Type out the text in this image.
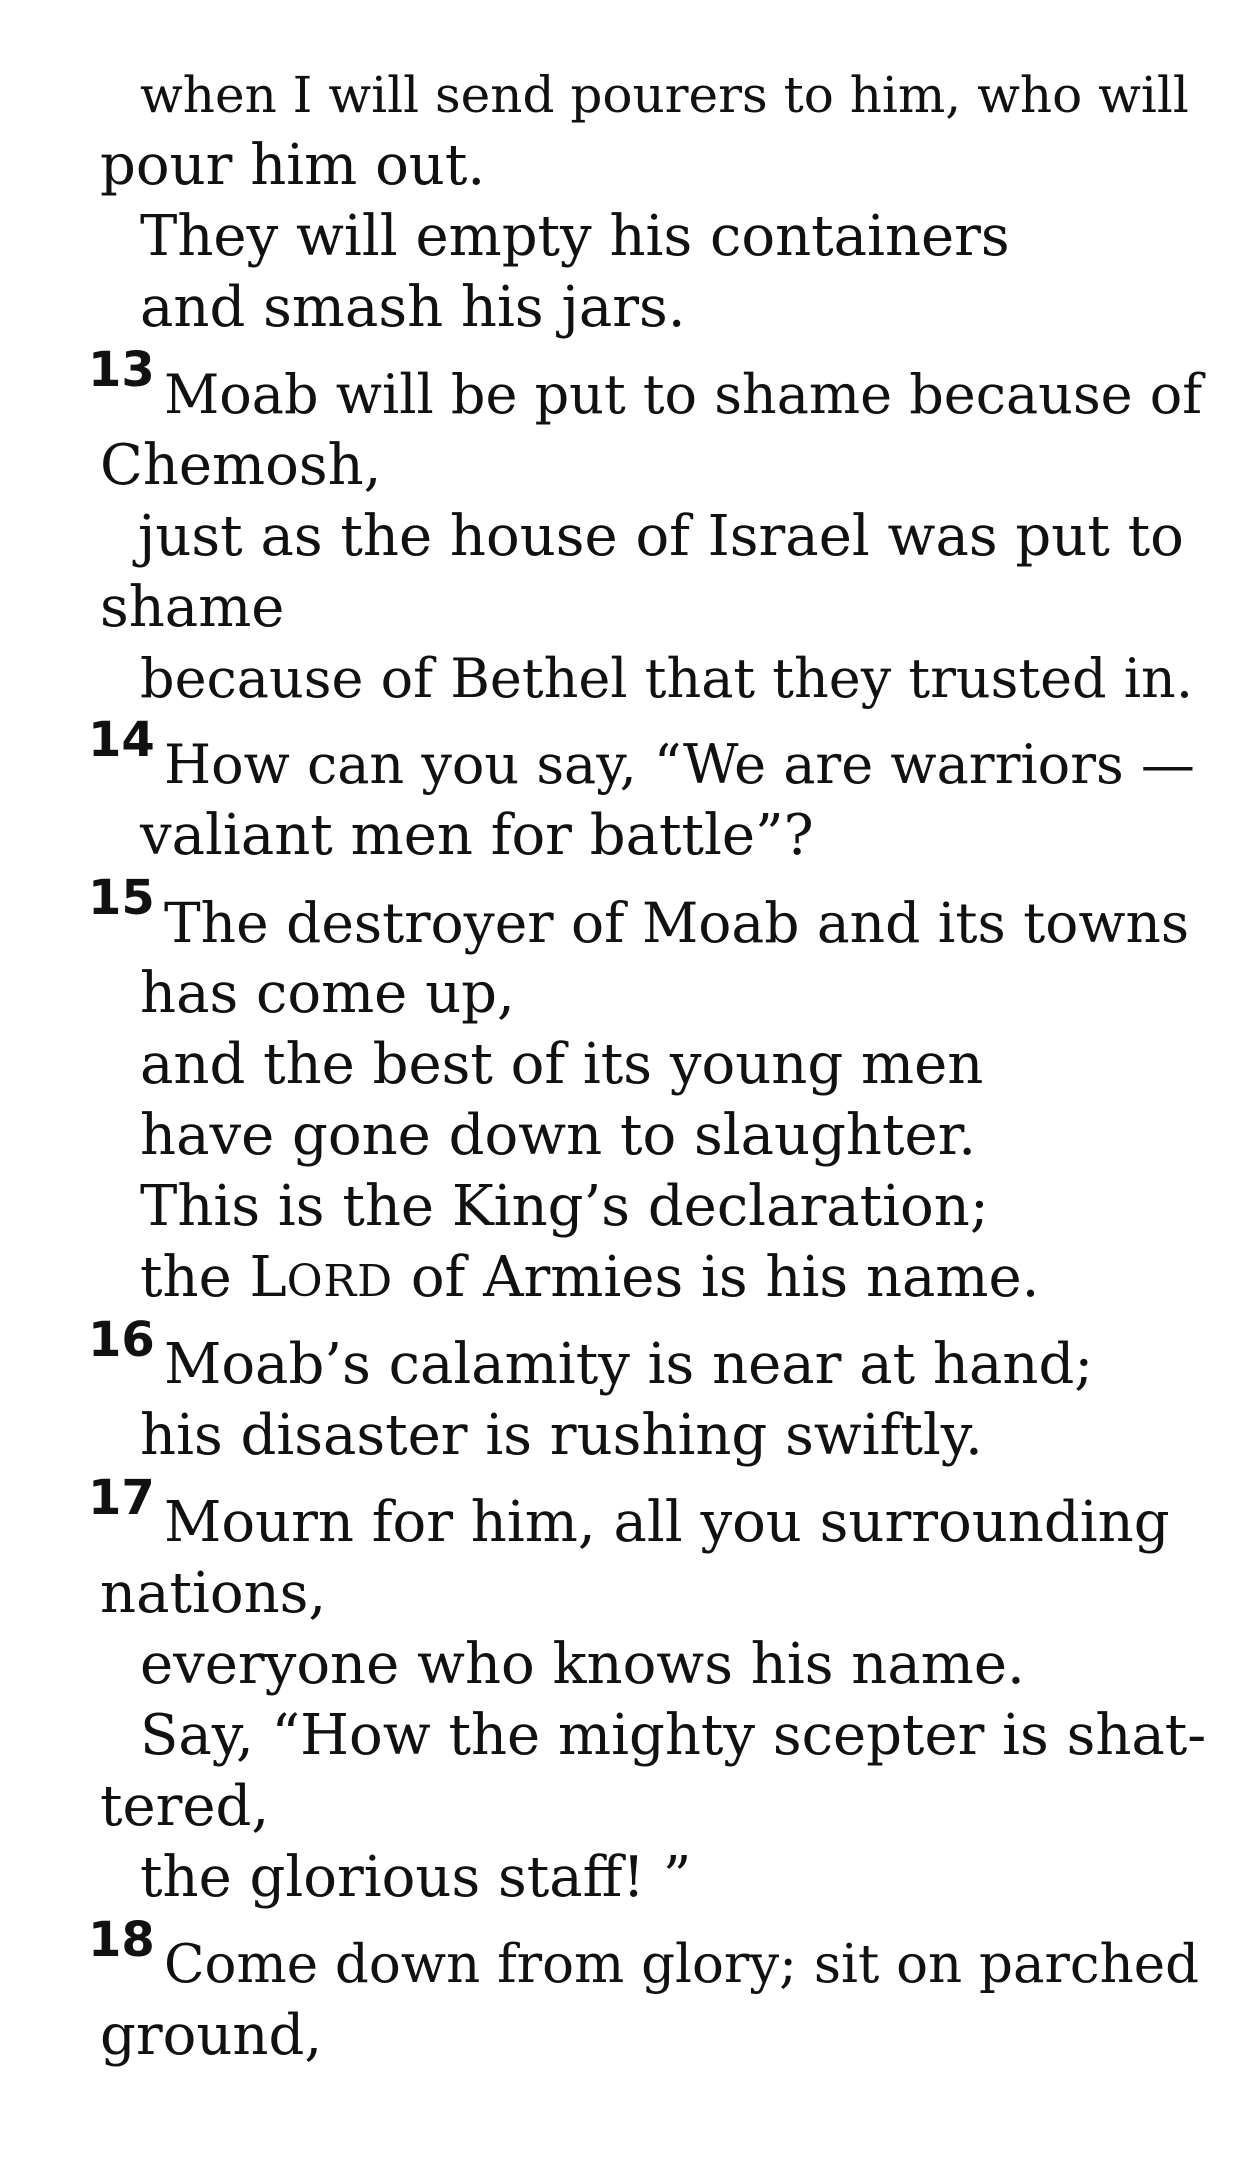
when I will send pourers to him, who will
pour him out.
They will empty his containers
and smash his jars.
13 Moab will be put to shame because of
Chemosh,
just as the house of Israel was put to
shame
because of Bethel that they trusted in.
14 How can you say, “We are warriors —
valiant men for battle”?
15 The destroyer of Moab and its towns
has come up,
and the best of its young men
have gone down to slaughter.
This is the King’s declaration;
the LORD of Armies is his name.
16 Moab’s calamity is near at hand;
his disaster is rushing swiftly.
17 Mourn for him, all you surrounding
nations,
everyone who knows his name.
Say, “How the mighty scepter is shat-
tered,
the glorious staff! ”
18 Come down from glory; sit on parched
ground,
